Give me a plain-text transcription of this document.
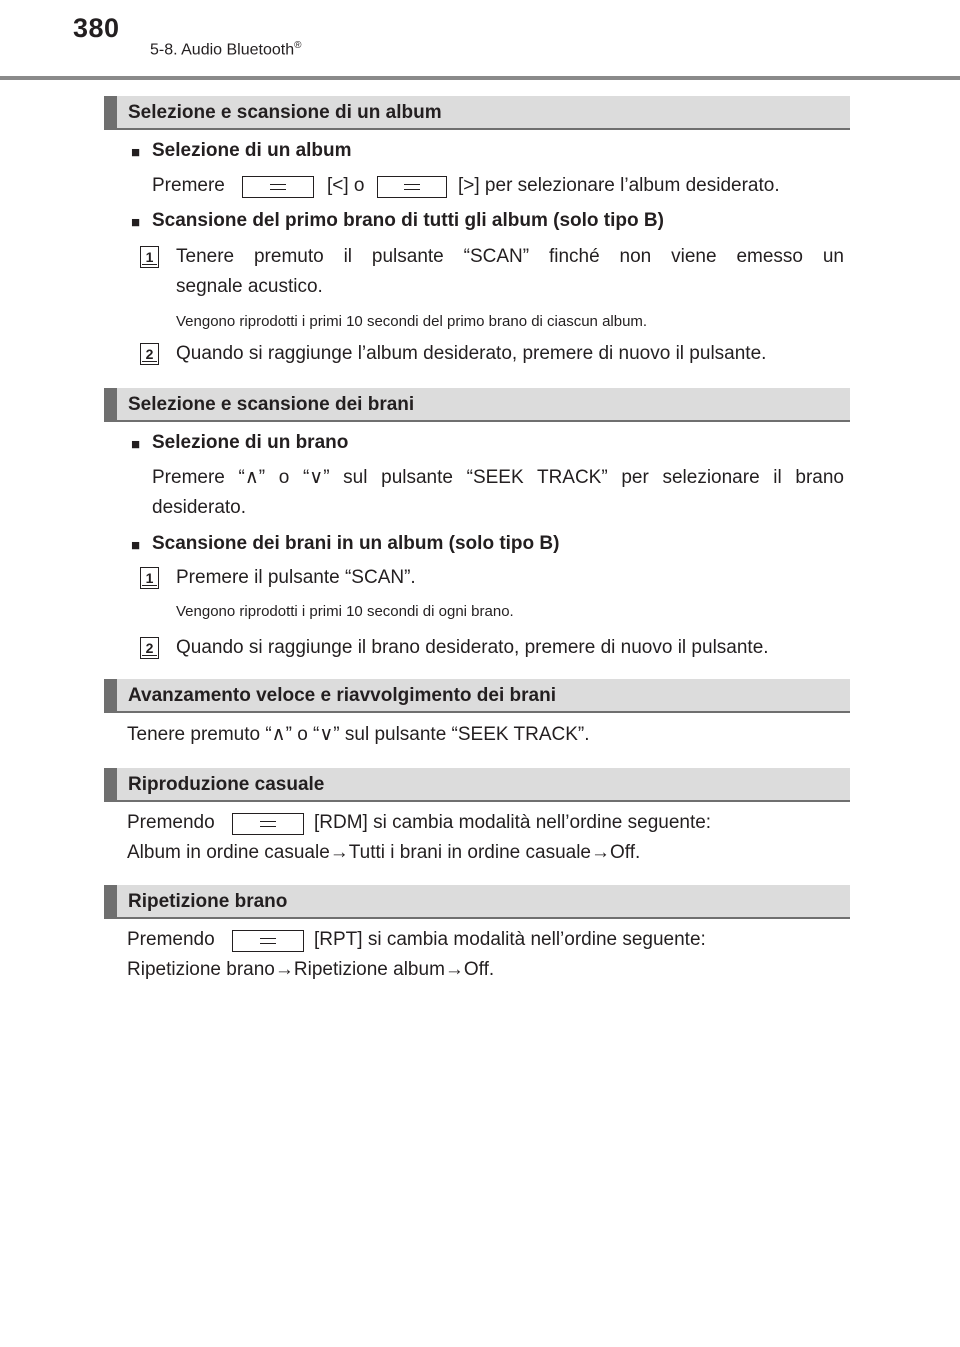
380
5-8. Audio Bluetooth®
Selezione e scansione di un album
■ Selezione di un album
Premere	[<] o	[>] per selezionare l’album desiderato.
■ Scansione del primo brano di tutti gli album (solo tipo B)
1 Tenere premuto il pulsante “SCAN” finché non viene emesso un
segnale acustico.
Vengono riprodotti i primi 10 secondi del primo brano di ciascun album.
2 Quando si raggiunge l’album desiderato, premere di nuovo il pulsante.
Selezione e scansione dei brani
■ Selezione di un brano
Premere “∧” o “∨” sul pulsante “SEEK TRACK” per selezionare il brano
desiderato.
■ Scansione dei brani in un album (solo tipo B)
1 Premere il pulsante “SCAN”.
Vengono riprodotti i primi 10 secondi di ogni brano.
2 Quando si raggiunge il brano desiderato, premere di nuovo il pulsante.
Avanzamento veloce e riavvolgimento dei brani
Tenere premuto “∧” o “∨” sul pulsante “SEEK TRACK”.
Riproduzione casuale
Premendo	[RDM] si cambia modalità nell’ordine seguente:
Album in ordine casuale→Tutti i brani in ordine casuale→Off.
Ripetizione brano
Premendo	[RPT] si cambia modalità nell’ordine seguente:
Ripetizione brano→Ripetizione album→Off.
